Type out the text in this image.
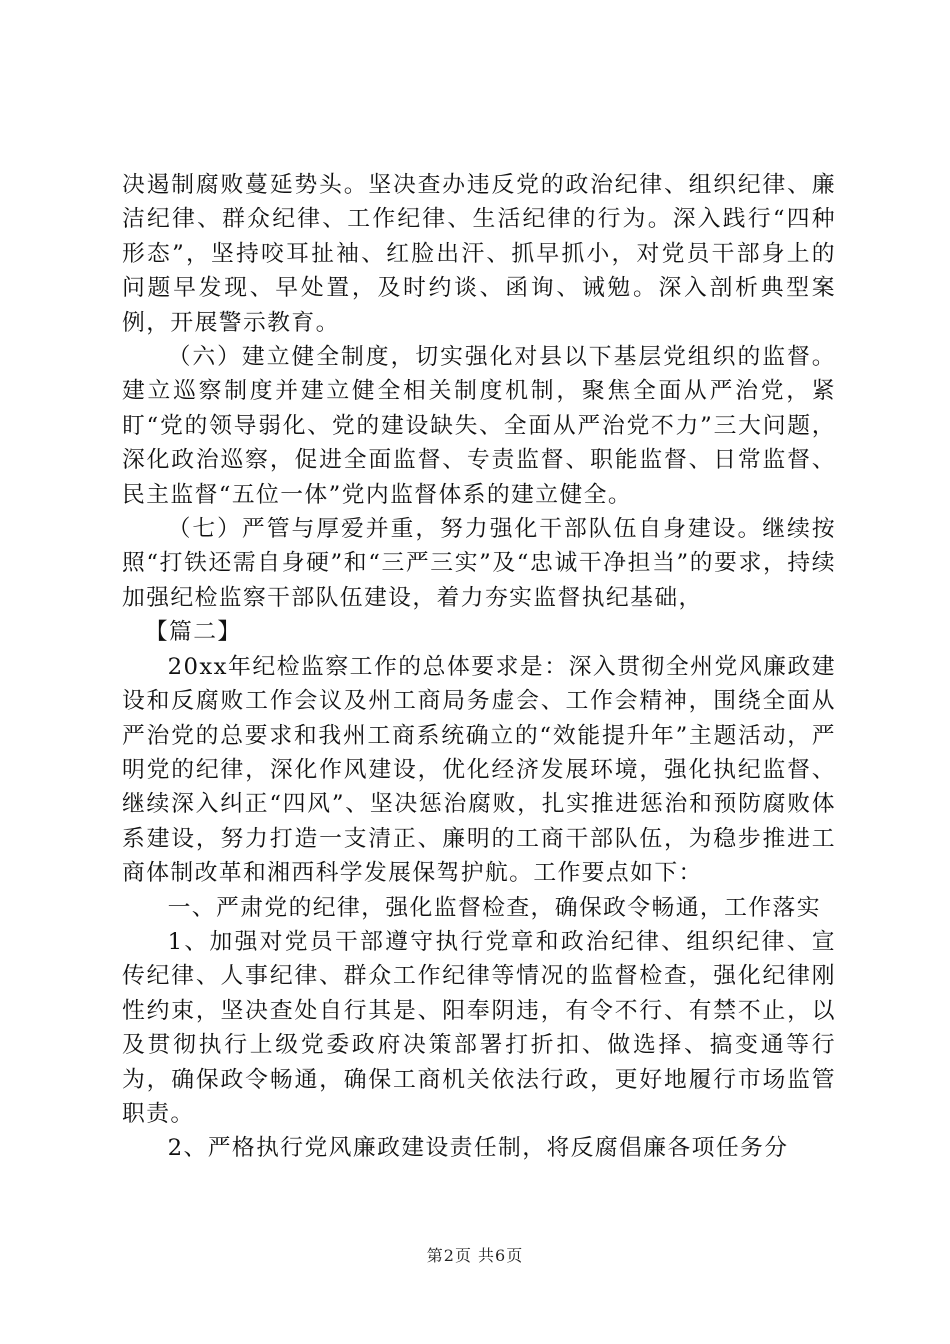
决遏制腐败蔓延势头。坚决查办违反党的政治纪律、组织纪律、廉洁纪律、群众纪律、工作纪律、生活纪律的行为。深入践行“四种形态”，坚持咬耳扯袖、红脸出汗、抓早抓小，对党员干部身上的问题早发现、早处置，及时约谈、函询、诫勉。深入剖析典型案例，开展警示教育。

（六）建立健全制度，切实强化对县以下基层党组织的监督。建立巡察制度并建立健全相关制度机制，聚焦全面从严治党，紧盯“党的领导弱化、党的建设缺失、全面从严治党不力”三大问题，深化政治巡察，促进全面监督、专责监督、职能监督、日常监督、民主监督“五位一体”党内监督体系的建立健全。

（七）严管与厚爱并重，努力强化干部队伍自身建设。继续按照“打铁还需自身硬”和“三严三实”及“忠诚干净担当”的要求，持续加强纪检监察干部队伍建设，着力夯实监督执纪基础，

【篇二】

20xx年纪检监察工作的总体要求是：深入贯彻全州党风廉政建设和反腐败工作会议及州工商局务虚会、工作会精神，围绕全面从严治党的总要求和我州工商系统确立的“效能提升年”主题活动，严明党的纪律，深化作风建设，优化经济发展环境，强化执纪监督、继续深入纠正“四风”、坚决惩治腐败，扎实推进惩治和预防腐败体系建设，努力打造一支清正、廉明的工商干部队伍，为稳步推进工商体制改革和湘西科学发展保驾护航。工作要点如下：

一、严肃党的纪律，强化监督检查，确保政令畅通，工作落实

1、加强对党员干部遵守执行党章和政治纪律、组织纪律、宣传纪律、人事纪律、群众工作纪律等情况的监督检查，强化纪律刚性约束，坚决查处自行其是、阳奉阴违，有令不行、有禁不止，以及贯彻执行上级党委政府决策部署打折扣、做选择、搞变通等行为，确保政令畅通，确保工商机关依法行政，更好地履行市场监管职责。

2、严格执行党风廉政建设责任制，将反腐倡廉各项任务分

第2页 共6页
